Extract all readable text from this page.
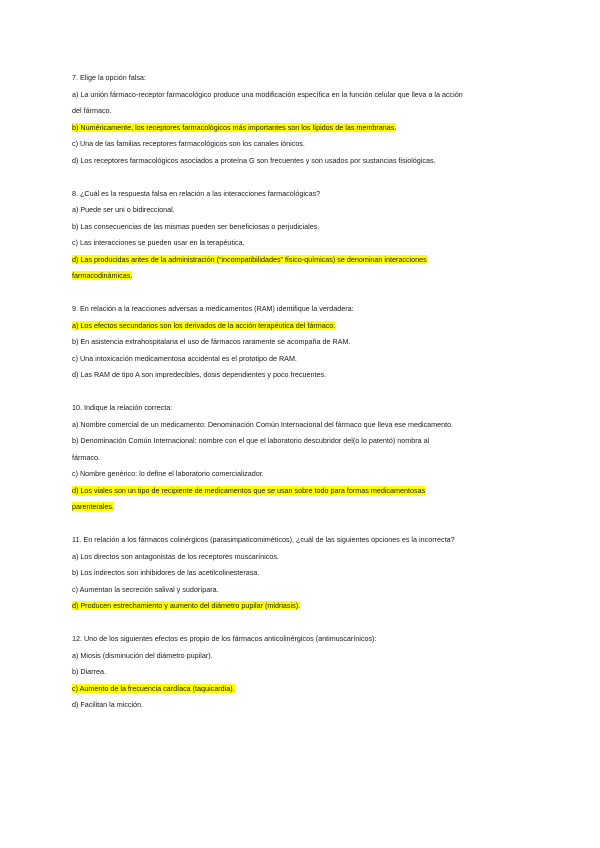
7. Elige la opción falsa:
a) La unión fármaco-receptor farmacológico produce una modificación específica en la función celular que lleva a la acción
del fármaco.
b) Numéricamente, los receptores farmacológicos más importantes son los lípidos de las membranas.
c) Una de las familias receptores farmacológicos son los canales iónicos.
d) Los receptores farmacológicos asociados a proteína G son frecuentes y son usados por sustancias fisiológicas.
8. ¿Cuál es la respuesta falsa en relación a las interacciones farmacológicas?
a) Puede ser uni o bidireccional.
b) Las consecuencias de las mismas pueden ser beneficiosas o perjudiciales.
c) Las interacciones se pueden usar en la terapéutica.
d) Las producidas antes de la administración (“incompatibilidades” físico-químicas) se denominan interacciones
farmacodinámicas.
9. En relación a la reacciones adversas a medicamentos (RAM) identifique la verdadera:
a) Los efectos secundarios son los derivados de la acción terapéutica del fármaco.
b) En asistencia extrahospitalaria el uso de fármacos raramente se acompaña de RAM.
c) Una intoxicación medicamentosa accidental es el prototipo de RAM.
d) Las RAM de tipo A son impredecibles, dosis dependientes y poco frecuentes.
10. Indique la relación correcta:
a) Nombre comercial de un medicamento: Denominación Común Internacional del fármaco que lleva ese medicamento.
b) Denominación Común Internacional: nombre con el que el laboratorio descubridor del(o lo patentó) nombra al
fármaco.
c) Nombre genérico: lo define el laboratorio comercializador.
d) Los viales son un tipo de recipiente de medicamentos que se usan sobre todo para formas medicamentosas
parenterales.
11. En relación a los fármacos colinérgicos (parasimpaticomiméticos), ¿cuál de las siguientes opciones es la incorrecta?
a) Los directos son antagonistas de los receptores muscarínicos.
b) Los indirectos son inhibidores de las acetilcolinesterasa.
c) Aumentan la secreción salival y sudorípara.
d) Producen estrechamiento y aumento del diámetro pupilar (midriasis).
12. Uno de los siguientes efectos es propio de los fármacos anticolinérgicos (antimuscarínicos):
a) Miosis (disminución del diámetro pupilar).
b) Diarrea.
c) Aumento de la frecuencia cardíaca (taquicardia).
d) Facilitan la micción.
